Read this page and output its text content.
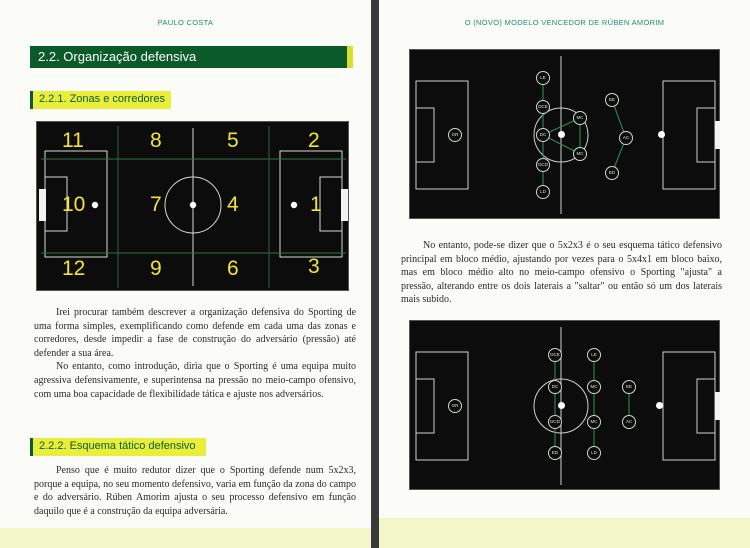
PAULO COSTA
2.2. Organização defensiva
2.2.1. Zonas e corredores
11	8	5	2
10	7	4	1
12	9	6	3

Irei procurar também descrever a organização defensiva do Sporting de uma forma simples, exemplificando como defende em cada uma das zonas e corredores, desde impedir a fase de construção do adversário (pressão) até defender a sua área.

No entanto, como introdução, diria que o Sporting é uma equipa muito agressiva defensivamente, e superintensa na pressão no meio-campo ofensivo, com uma boa capacidade de flexibilidade tática e ajuste nos adversários.

2.2.2. Esquema tático defensivo

Penso que é muito redutor dizer que o Sporting defende num 5x2x3, porque a equipa, no seu momento defensivo, varia em função da zona do campo e do adversário. Rúben Amorim ajusta o seu processo defensivo em função daquilo que é a construção da equipa adversária.

O (NOVO) MODELO VENCEDOR DE RÚBEN AMORIM
GR
LE
DCE
DC
DCD
LD
MC
MC
EE
AC
ED

No entanto, pode-se dizer que o 5x2x3 é o seu esquema tático defensivo principal em bloco médio, ajustando por vezes para o 5x4x1 em bloco baixo, mas em bloco médio alto no meio-campo ofensivo o Sporting "ajusta" a pressão, alterando entre os dois laterais a "saltar" ou então só um dos laterais mais subido.

GR
DCE
DC
DCD
LE
MC
MC
LD
EE
AC
ED
